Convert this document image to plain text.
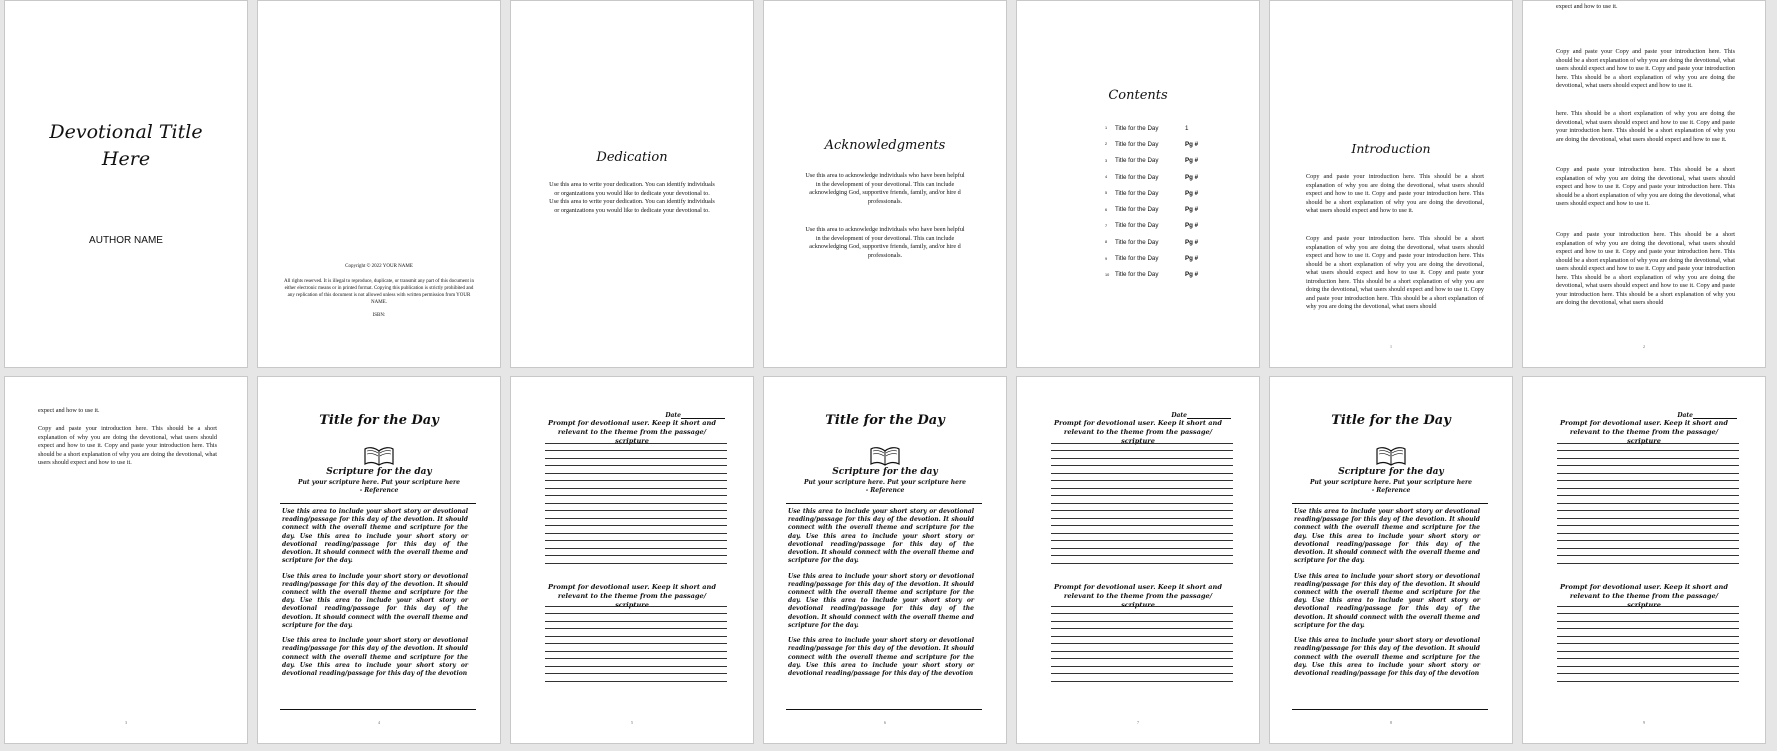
Devotional Title Here
AUTHOR NAME
Copyright © 2022 YOUR NAME
All rights reserved. It is illegal to reproduce, duplicate, or transmit any part of this document in either electronic means or in printed format. Copying this publication is strictly prohibited and any replication of this document is not allowed unless with written permission from YOUR NAME.
ISBN:
Dedication
Use this area to write your dedication. You can identify individuals or organizations you would like to dedicate your devotional to. Use this area to write your dedication. You can identify individuals or organizations you would like to dedicate your devotional to.
Acknowledgments
Use this area to acknowledge individuals who have been helpful in the development of your devotional. This can include acknowledging God, supportive friends, family, and/or hire d professionals.
Use this area to acknowledge individuals who have been helpful in the development of your devotional. This can include acknowledging God, supportive friends, family, and/or hire d professionals.
Contents
1	Title for the Day	1
2	Title for the Day	Pg #
3	Title for the Day	Pg #
4	Title for the Day	Pg #
5	Title for the Day	Pg #
6	Title for the Day	Pg #
7	Title for the Day	Pg #
8	Title for the Day	Pg #
9	Title for the Day	Pg #
10 Title for the Day	Pg #
Introduction
Copy and paste your introduction here. This should be a short explanation of why you are doing the devotional, what users should expect and how to use it. Copy and paste your introduction here. This should be a short explanation of why you are doing the devotional, what users should expect and how to use it.
Copy and paste your introduction here. This should be a short explanation of why you are doing the devotional, what users should expect and how to use it. Copy and paste your introduction here. This should be a short explanation of why you are doing the devotional, what users should expect and how to use it. Copy and paste your introduction here. This should be a short explanation of why you are doing the devotional, what users should expect and how to use it. Copy and paste your introduction here. This should be a short explanation of why you are doing the devotional, what users should
1
expect and how to use it.
Copy and paste your Copy and paste your introduction here. This should be a short explanation of why you are doing the devotional, what users should expect and how to use it. Copy and paste your introduction here. This should be a short explanation of why you are doing the devotional, what users should expect and how to use it.
here. This should be a short explanation of why you are doing the devotional, what users should expect and how to use it. Copy and paste your introduction here. This should be a short explanation of why you are doing the devotional, what users should expect and how to use it.
Copy and paste your introduction here. This should be a short explanation of why you are doing the devotional, what users should expect and how to use it. Copy and paste your introduction here. This should be a short explanation of why you are doing the devotional, what users should expect and how to use it.
Copy and paste your introduction here. This should be a short explanation of why you are doing the devotional, what users should expect and how to use it. Copy and paste your introduction here. This should be a short explanation of why you are doing the devotional, what users should expect and how to use it. Copy and paste your introduction here. This should be a short explanation of why you are doing the devotional, what users should expect and how to use it. Copy and paste your introduction here. This should be a short explanation of why you are doing the devotional, what users should
2
expect and how to use it.
Copy and paste your introduction here. This should be a short explanation of why you are doing the devotional, what users should expect and how to use it. Copy and paste your introduction here. This should be a short explanation of why you are doing the devotional, what users should expect and how to use it.
3
Title for the Day
Scripture for the day
Put your scripture here. Put your scripture here
- Reference

Use this area to include your short story or devotional reading/passage for this day of the devotion. It should connect with the overall theme and scripture for the day. Use this area to include your short story or devotional reading/passage for this day of the devotion. It should connect with the overall theme and scripture for the day.

Use this area to include your short story or devotional reading/passage for this day of the devotion. It should connect with the overall theme and scripture for the day. Use this area to include your short story or devotional reading/passage for this day of the devotion. It should connect with the overall theme and scripture for the day.

Use this area to include your short story or devotional reading/passage for this day of the devotion. It should connect with the overall theme and scripture for the day. Use this area to include your short story or devotional reading/passage for this day of the devotion

4
Date
Prompt for devotional user. Keep it short and relevant to the theme from the passage/ scripture
Prompt for devotional user. Keep it short and relevant to the theme from the passage/ scripture
5
Title for the Day
Scripture for the day
Put your scripture here. Put your scripture here
- Reference

Use this area to include your short story or devotional reading/passage for this day of the devotion. It should connect with the overall theme and scripture for the day. Use this area to include your short story or devotional reading/passage for this day of the devotion. It should connect with the overall theme and scripture for the day.

Use this area to include your short story or devotional reading/passage for this day of the devotion. It should connect with the overall theme and scripture for the day. Use this area to include your short story or devotional reading/passage for this day of the devotion. It should connect with the overall theme and scripture for the day.

Use this area to include your short story or devotional reading/passage for this day of the devotion. It should connect with the overall theme and scripture for the day. Use this area to include your short story or devotional reading/passage for this day of the devotion

6
Date
Prompt for devotional user. Keep it short and relevant to the theme from the passage/ scripture
Prompt for devotional user. Keep it short and relevant to the theme from the passage/ scripture
7
Title for the Day
Scripture for the day
Put your scripture here. Put your scripture here
- Reference

Use this area to include your short story or devotional reading/passage for this day of the devotion. It should connect with the overall theme and scripture for the day. Use this area to include your short story or devotional reading/passage for this day of the devotion. It should connect with the overall theme and scripture for the day.

Use this area to include your short story or devotional reading/passage for this day of the devotion. It should connect with the overall theme and scripture for the day. Use this area to include your short story or devotional reading/passage for this day of the devotion. It should connect with the overall theme and scripture for the day.

Use this area to include your short story or devotional reading/passage for this day of the devotion. It should connect with the overall theme and scripture for the day. Use this area to include your short story or devotional reading/passage for this day of the devotion

8
Date
Prompt for devotional user. Keep it short and relevant to the theme from the passage/ scripture
Prompt for devotional user. Keep it short and relevant to the theme from the passage/ scripture
9
